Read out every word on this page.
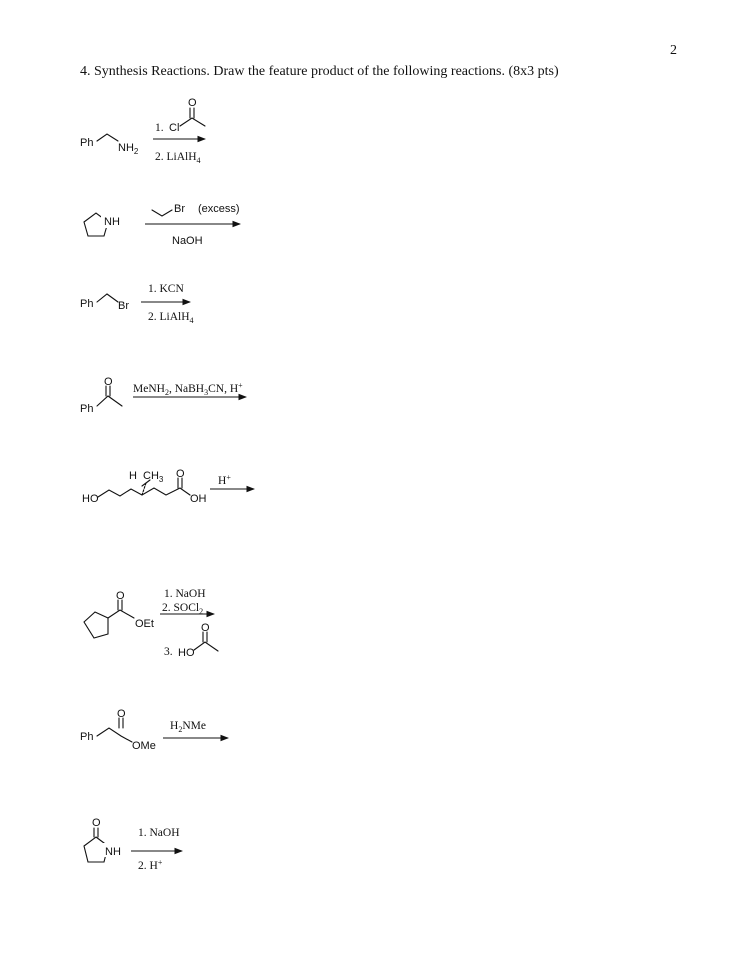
2
4. Synthesis Reactions. Draw the feature product of the following reactions. (8x3 pts)
Ph $NH_2$
1. Cl
O
2. LiAlH$_4$
NH
Br (excess)
NaOH
Ph Br
1. KCN
2. LiAlH$_4$
Ph
O
MeNH$_2$, NaBH$_3$CN, H+
HO
H $CH_3$ O
OH
H+
O
OEt
1. NaOH
2. SOCl$_2$
3. HO
O
Ph
O
OMe
$H_2NMe$
O
NH
1. NaOH
2. H+
